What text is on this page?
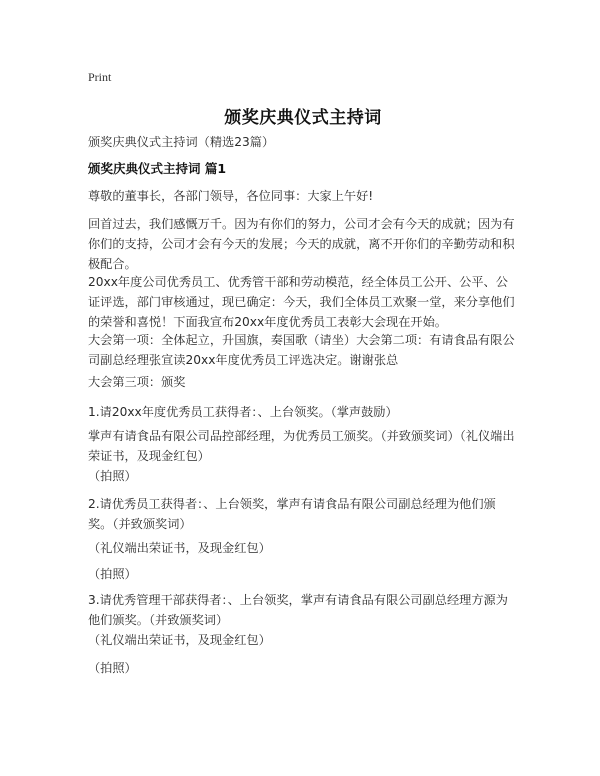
Print
颁奖庆典仪式主持词
颁奖庆典仪式主持词（精选23篇）
颁奖庆典仪式主持词 篇1
尊敬的董事长，各部门领导，各位同事：大家上午好!
回首过去，我们感慨万千。因为有你们的努力，公司才会有今天的成就；因为有你们的支持，公司才会有今天的发展；今天的成就，离不开你们的辛勤劳动和积极配合。
20xx年度公司优秀员工、优秀管干部和劳动模范，经全体员工公开、公平、公证评选，部门审核通过，现已确定：今天，我们全体员工欢聚一堂，来分享他们的荣誉和喜悦！下面我宣布20xx年度优秀员工表彰大会现在开始。
大会第一项：全体起立，升国旗，奏国歌（请坐）大会第二项：有请食品有限公司副总经理张宣读20xx年度优秀员工评选决定。谢谢张总
大会第三项：颁奖
1.请20xx年度优秀员工获得者：、上台领奖。（掌声鼓励）
掌声有请食品有限公司品控部经理，为优秀员工颁奖。（并致颁奖词）（礼仪端出荣证书，及现金红包）
（拍照）
2.请优秀员工获得者：、上台领奖，掌声有请食品有限公司副总经理为他们颁奖。（并致颁奖词）
（礼仪端出荣证书，及现金红包）
（拍照）
3.请优秀管理干部获得者：、上台领奖，掌声有请食品有限公司副总经理方源为他们颁奖。（并致颁奖词）
（礼仪端出荣证书，及现金红包）
（拍照）
